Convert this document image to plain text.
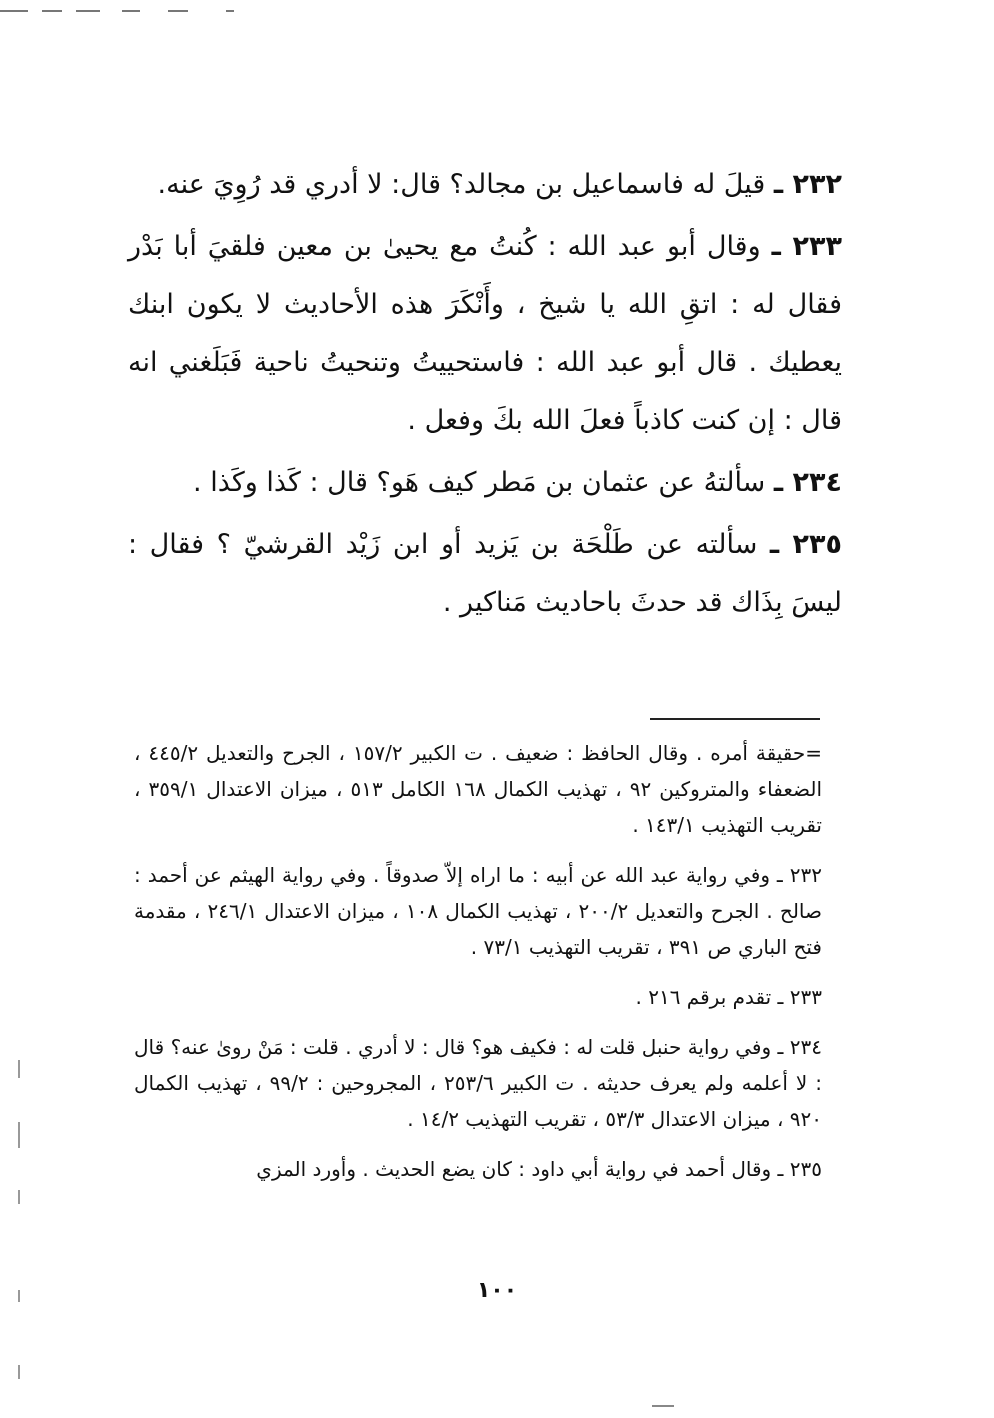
٢٣٢ ـ قيلَ له فاسماعيل بن مجالد؟ قال: لا أدري قد رُوِيَ عنه.

٢٣٣ ـ وقال أبو عبد الله : كُنتُ مع يحيىٰ بن معين فلقيَ أبا بَدْر فقال له : اتقِ الله يا شيخ ، وأَنْكَرَ هذه الأحاديث لا يكون ابنك يعطيك . قال أبو عبد الله : فاستحييتُ وتنحيتُ ناحية فَبَلَغني انه قال : إن كنت كاذباً فعلَ الله بكَ وفعل .

٢٣٤ ـ سألتهُ عن عثمان بن مَطر كيف هَو؟ قال : كَذا وكَذا .

٢٣٥ ـ سألته عن طَلْحَة بن يَزيد أو ابن زَيْد القرشيّ ؟ فقال : ليسَ بِذَاك قد حدثَ باحاديث مَناكير .

=حقيقة أمره . وقال الحافظ : ضعيف . ت الكبير ١٥٧/٢ ، الجرح والتعديل ٤٤٥/٢ ، الضعفاء والمتروكين ٩٢ ، تهذيب الكمال ١٦٨ الكامل ٥١٣ ، ميزان الاعتدال ٣٥٩/١ ، تقريب التهذيب ١٤٣/١ .

٢٣٢ ـ وفي رواية عبد الله عن أبيه : ما اراه إلاّ صدوقاً . وفي رواية الهيثم عن أحمد : صالح . الجرح والتعديل ٢٠٠/٢ ، تهذيب الكمال ١٠٨ ، ميزان الاعتدال ٢٤٦/١ ، مقدمة فتح الباري ص ٣٩١ ، تقريب التهذيب ٧٣/١ .

٢٣٣ ـ تقدم برقم ٢١٦ .

٢٣٤ ـ وفي رواية حنبل قلت له : فكيف هو؟ قال : لا أدري . قلت : مَنْ روىٰ عنه؟ قال : لا أعلمه ولم يعرف حديثه . ت الكبير ٢٥٣/٦ ، المجروحين : ٩٩/٢ ، تهذيب الكمال ٩٢٠ ، ميزان الاعتدال ٥٣/٣ ، تقريب التهذيب ١٤/٢ .

٢٣٥ ـ وقال أحمد في رواية أبي داود : كان يضع الحديث . وأورد المزي

١٠٠
